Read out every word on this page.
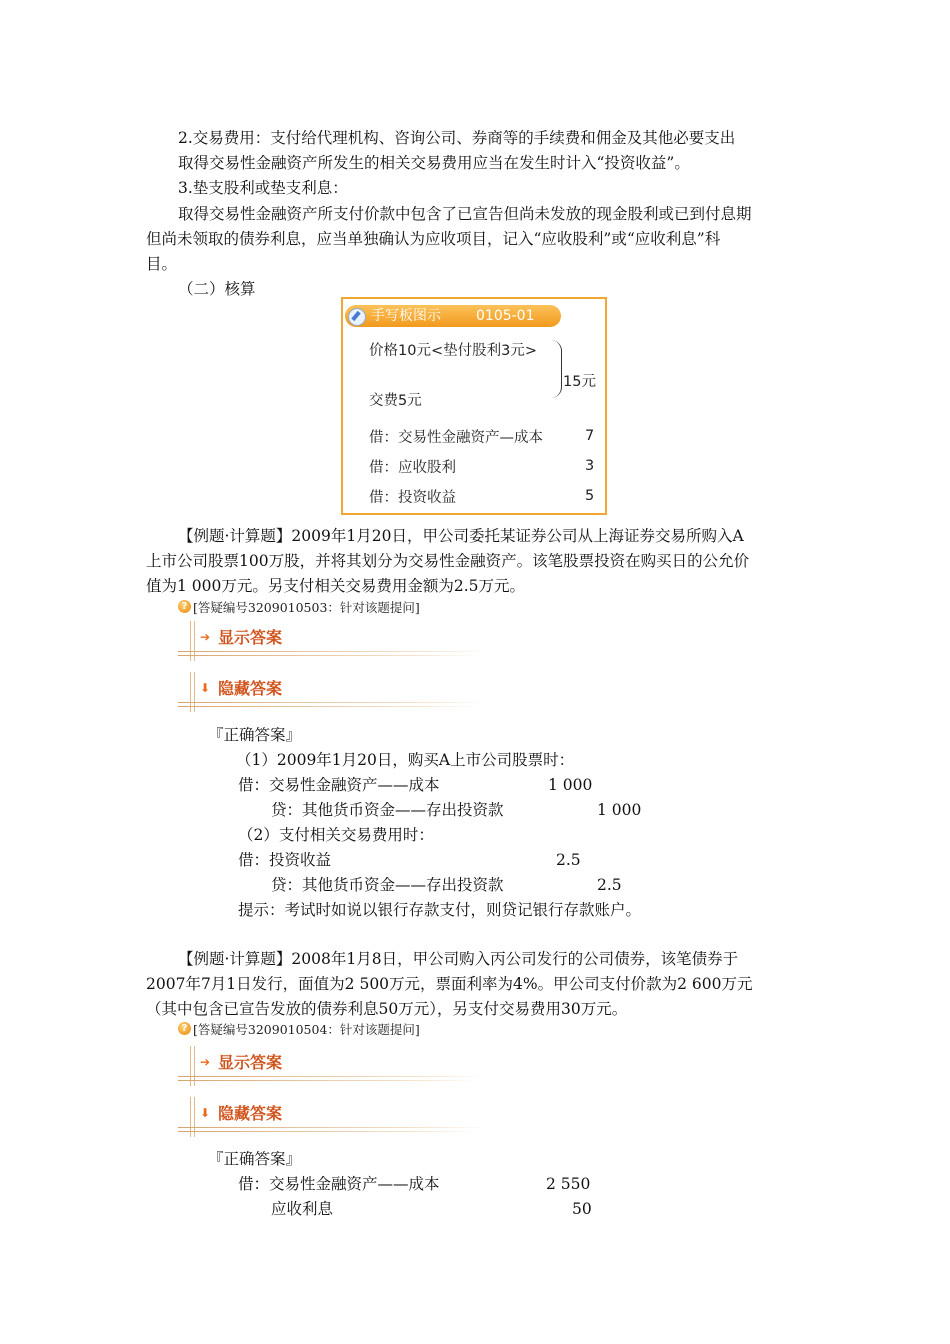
2.交易费用：支付给代理机构、咨询公司、券商等的手续费和佣金及其他必要支出
取得交易性金融资产所发生的相关交易费用应当在发生时计入“投资收益”。
3.垫支股利或垫支利息：
取得交易性金融资产所支付价款中包含了已宣告但尚未发放的现金股利或已到付息期
但尚未领取的债券利息，应当单独确认为应收项目，记入“应收股利”或“应收利息”科
目。
（二）核算
手写板图示	0105-01
价格10元<垫付股利3元>
15元
交费5元
借：交易性金融资产—成本	7
借：应收股利	3
借：投资收益	5
【例题·计算题】2009年1月20日，甲公司委托某证券公司从上海证券交易所购入A
上市公司股票100万股，并将其划分为交易性金融资产。该笔股票投资在购买日的公允价
值为1 000万元。另支付相关交易费用金额为2.5万元。
? [答疑编号3209010503：针对该题提问]
➔ 显示答案
⬇ 隐藏答案
『正确答案』
（1）2009年1月20日，购买A上市公司股票时：
借：交易性金融资产——成本	1 000
贷：其他货币资金——存出投资款	1 000
（2）支付相关交易费用时：
借：投资收益	2.5
贷：其他货币资金——存出投资款	2.5
提示：考试时如说以银行存款支付，则贷记银行存款账户。
【例题·计算题】2008年1月8日，甲公司购入丙公司发行的公司债券，该笔债券于
2007年7月1日发行，面值为2 500万元，票面利率为4%。甲公司支付价款为2 600万元
（其中包含已宣告发放的债券利息50万元），另支付交易费用30万元。
? [答疑编号3209010504：针对该题提问]
➔ 显示答案
⬇ 隐藏答案
『正确答案』
借：交易性金融资产——成本	2 550
应收利息	50
